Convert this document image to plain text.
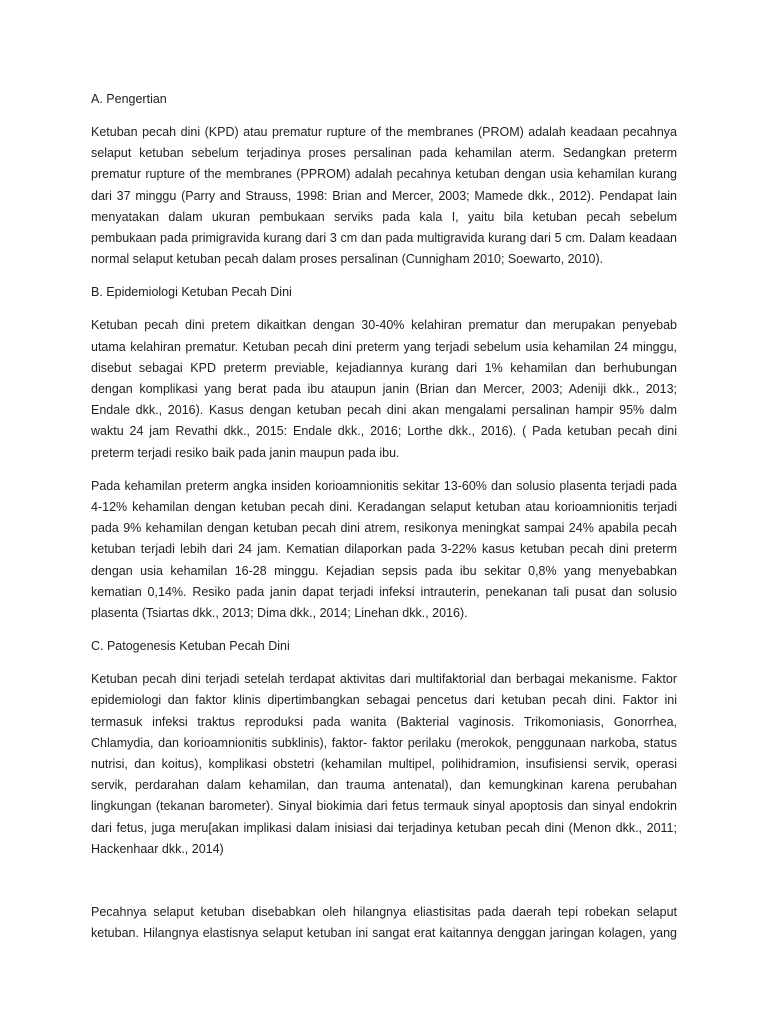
A. Pengertian
Ketuban pecah dini (KPD) atau prematur rupture of the membranes (PROM) adalah keadaan pecahnya
selaput ketuban sebelum terjadinya proses persalinan pada kehamilan aterm. Sedangkan preterm
prematur rupture of the membranes (PPROM) adalah pecahnya ketuban dengan usia kehamilan kurang
dari 37 minggu (Parry and Strauss, 1998: Brian and Mercer, 2003; Mamede dkk., 2012). Pendapat lain
menyatakan dalam ukuran pembukaan serviks pada kala I, yaitu bila ketuban pecah sebelum
pembukaan pada primigravida kurang dari 3 cm dan pada multigravida kurang dari 5 cm. Dalam keadaan
normal selaput ketuban pecah dalam proses persalinan (Cunnigham 2010; Soewarto, 2010).
B. Epidemiologi Ketuban Pecah Dini
Ketuban pecah dini pretem dikaitkan dengan 30-40% kelahiran prematur dan merupakan penyebab
utama kelahiran prematur. Ketuban pecah dini preterm yang terjadi sebelum usia kehamilan 24 minggu,
disebut sebagai KPD preterm previable, kejadiannya kurang dari 1% kehamilan dan berhubungan
dengan komplikasi yang berat pada ibu ataupun janin (Brian dan Mercer, 2003; Adeniji dkk., 2013;
Endale dkk., 2016). Kasus dengan ketuban pecah dini akan mengalami persalinan hampir 95% dalm
waktu 24 jam Revathi dkk., 2015: Endale dkk., 2016; Lorthe dkk., 2016). ( Pada ketuban pecah dini
preterm terjadi resiko baik pada janin maupun pada ibu.
Pada kehamilan preterm angka insiden korioamnionitis sekitar 13-60% dan solusio plasenta terjadi pada
4-12% kehamilan dengan ketuban pecah dini. Keradangan selaput ketuban atau korioamnionitis terjadi
pada 9% kehamilan dengan ketuban pecah dini atrem, resikonya meningkat sampai 24% apabila pecah
ketuban terjadi lebih dari 24 jam. Kematian dilaporkan pada 3-22% kasus ketuban pecah dini preterm
dengan usia kehamilan 16-28 minggu. Kejadian sepsis pada ibu sekitar 0,8% yang menyebabkan
kematian 0,14%. Resiko pada janin dapat terjadi infeksi intrauterin, penekanan tali pusat dan solusio
plasenta (Tsiartas dkk., 2013; Dima dkk., 2014; Linehan dkk., 2016).
C. Patogenesis Ketuban Pecah Dini
Ketuban pecah dini terjadi setelah terdapat aktivitas dari multifaktorial dan berbagai mekanisme. Faktor
epidemiologi dan faktor klinis dipertimbangkan sebagai pencetus dari ketuban pecah dini. Faktor ini
termasuk infeksi traktus reproduksi pada wanita (Bakterial vaginosis. Trikomoniasis, Gonorrhea,
Chlamydia, dan korioamnionitis subklinis), faktor- faktor perilaku (merokok, penggunaan narkoba, status
nutrisi, dan koitus), komplikasi obstetri (kehamilan multipel, polihidramion, insufisiensi servik, operasi
servik, perdarahan dalam kehamilan, dan trauma antenatal), dan kemungkinan karena perubahan
lingkungan (tekanan barometer). Sinyal biokimia dari fetus termauk sinyal apoptosis dan sinyal endokrin
dari fetus, juga meru[akan implikasi dalam inisiasi dai terjadinya ketuban pecah dini (Menon dkk., 2011;
Hackenhaar dkk., 2014)
Pecahnya selaput ketuban disebabkan oleh hilangnya eliastisitas pada daerah tepi robekan selaput
ketuban. Hilangnya elastisnya selaput ketuban ini sangat erat kaitannya denggan jaringan kolagen, yang
